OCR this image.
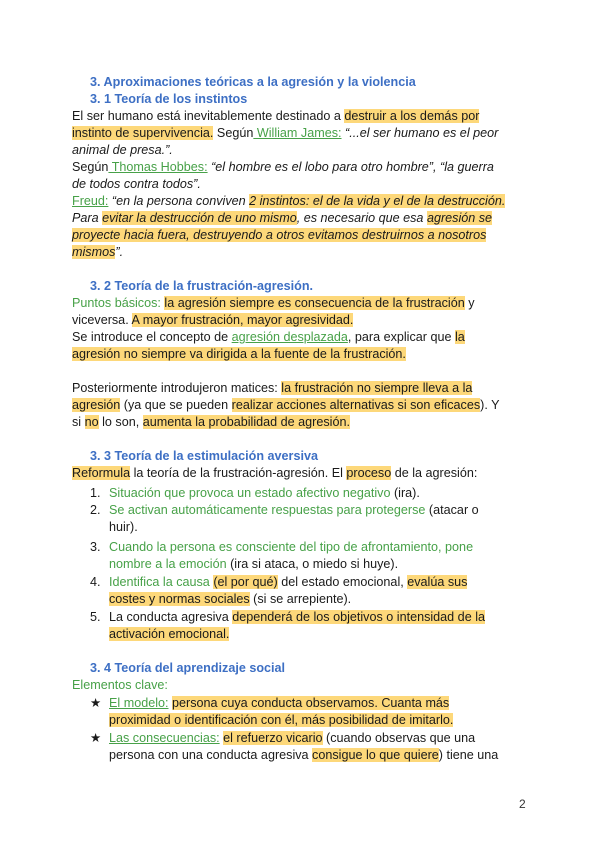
3. Aproximaciones teóricas a la agresión y la violencia
3. 1 Teoría de los instintos
El ser humano está inevitablemente destinado a destruir a los demás por
instinto de supervivencia. Según William James: “...el ser humano es el peor
animal de presa.”.
Según Thomas Hobbes: “el hombre es el lobo para otro hombre”, “la guerra
de todos contra todos”.
Freud: “en la persona conviven 2 instintos: el de la vida y el de la destrucción.
Para evitar la destrucción de uno mismo, es necesario que esa agresión se
proyecte hacia fuera, destruyendo a otros evitamos destruirnos a nosotros
mismos”.
3. 2 Teoría de la frustración-agresión.
Puntos básicos: la agresión siempre es consecuencia de la frustración y
viceversa. A mayor frustración, mayor agresividad.
Se introduce el concepto de agresión desplazada, para explicar que la
agresión no siempre va dirigida a la fuente de la frustración.
Posteriormente introdujeron matices: la frustración no siempre lleva a la
agresión (ya que se pueden realizar acciones alternativas si son eficaces). Y
si no lo son, aumenta la probabilidad de agresión.
3. 3 Teoría de la estimulación aversiva
Reformula la teoría de la frustración-agresión. El proceso de la agresión:
1. Situación que provoca un estado afectivo negativo (ira).
2. Se activan automáticamente respuestas para protegerse (atacar o
huir).
3. Cuando la persona es consciente del tipo de afrontamiento, pone
nombre a la emoción (ira si ataca, o miedo si huye).
4. Identifica la causa (el por qué) del estado emocional, evalúa sus
costes y normas sociales (si se arrepiente).
5. La conducta agresiva dependerá de los objetivos o intensidad de la
activación emocional.
3. 4 Teoría del aprendizaje social
Elementos clave:
★ El modelo: persona cuya conducta observamos. Cuanta más
proximidad o identificación con él, más posibilidad de imitarlo.
★ Las consecuencias: el refuerzo vicario (cuando observas que una
persona con una conducta agresiva consigue lo que quiere) tiene una
2
